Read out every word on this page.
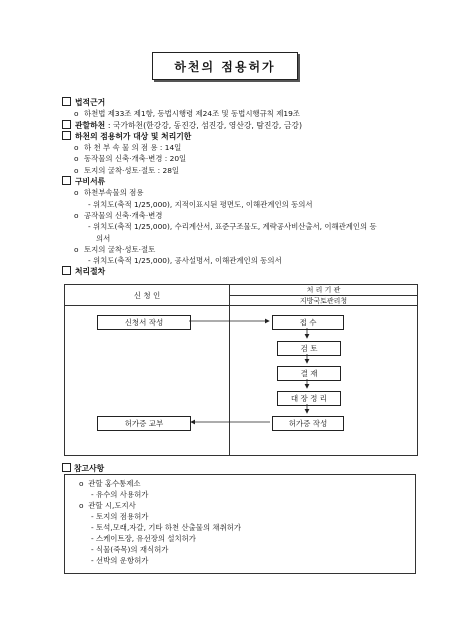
하천의 점용허가
법적근거
o 하천법 제33조 제1항, 동법시행령 제24조 및 동법시행규칙 제19조
관할하천 : 국가하천(한강강, 동진강, 섬진강, 영산강, 탐진강, 금강)
하천의 점용허가 대상 및 처리기한
o 하 천 부 속 물 의 점 용 : 14일
o 동작물의 신축·개축·변경 : 20일
o 토지의 굴착·성토·절토 : 28일
구비서류
o 하천부속물의 점용
- 위치도(축적 1/25,000), 지적이표시된 평면도, 이해관계인의 동의서
o 공작물의 신축·개축·변경
- 위치도(축적 1/25,000), 수리계산서, 표준구조물도, 계략공사비산출서, 이해관계인의 동
의서
o 토지의 굴착·성토·절토
- 위치도(축적 1/25,000), 공사설명서, 이해관계인의 동의서
처리절차
신 청 인
처 리 기 관
지방국토관리청
신청서 작성	접 수
검 토
결 재
대 장 정 리
허가증 작성
허가증 교부
참고사항
o 관할 홍수통제소
- 유수의 사용허가
o 관할 시,도지사
- 토지의 점용허가
- 토석,모래,자갈, 기타 하천 산출물의 채취허가
- 스케이트장, 유선장의 설치허가
- 식물(죽목)의 재식허가
- 선박의 운항허가
